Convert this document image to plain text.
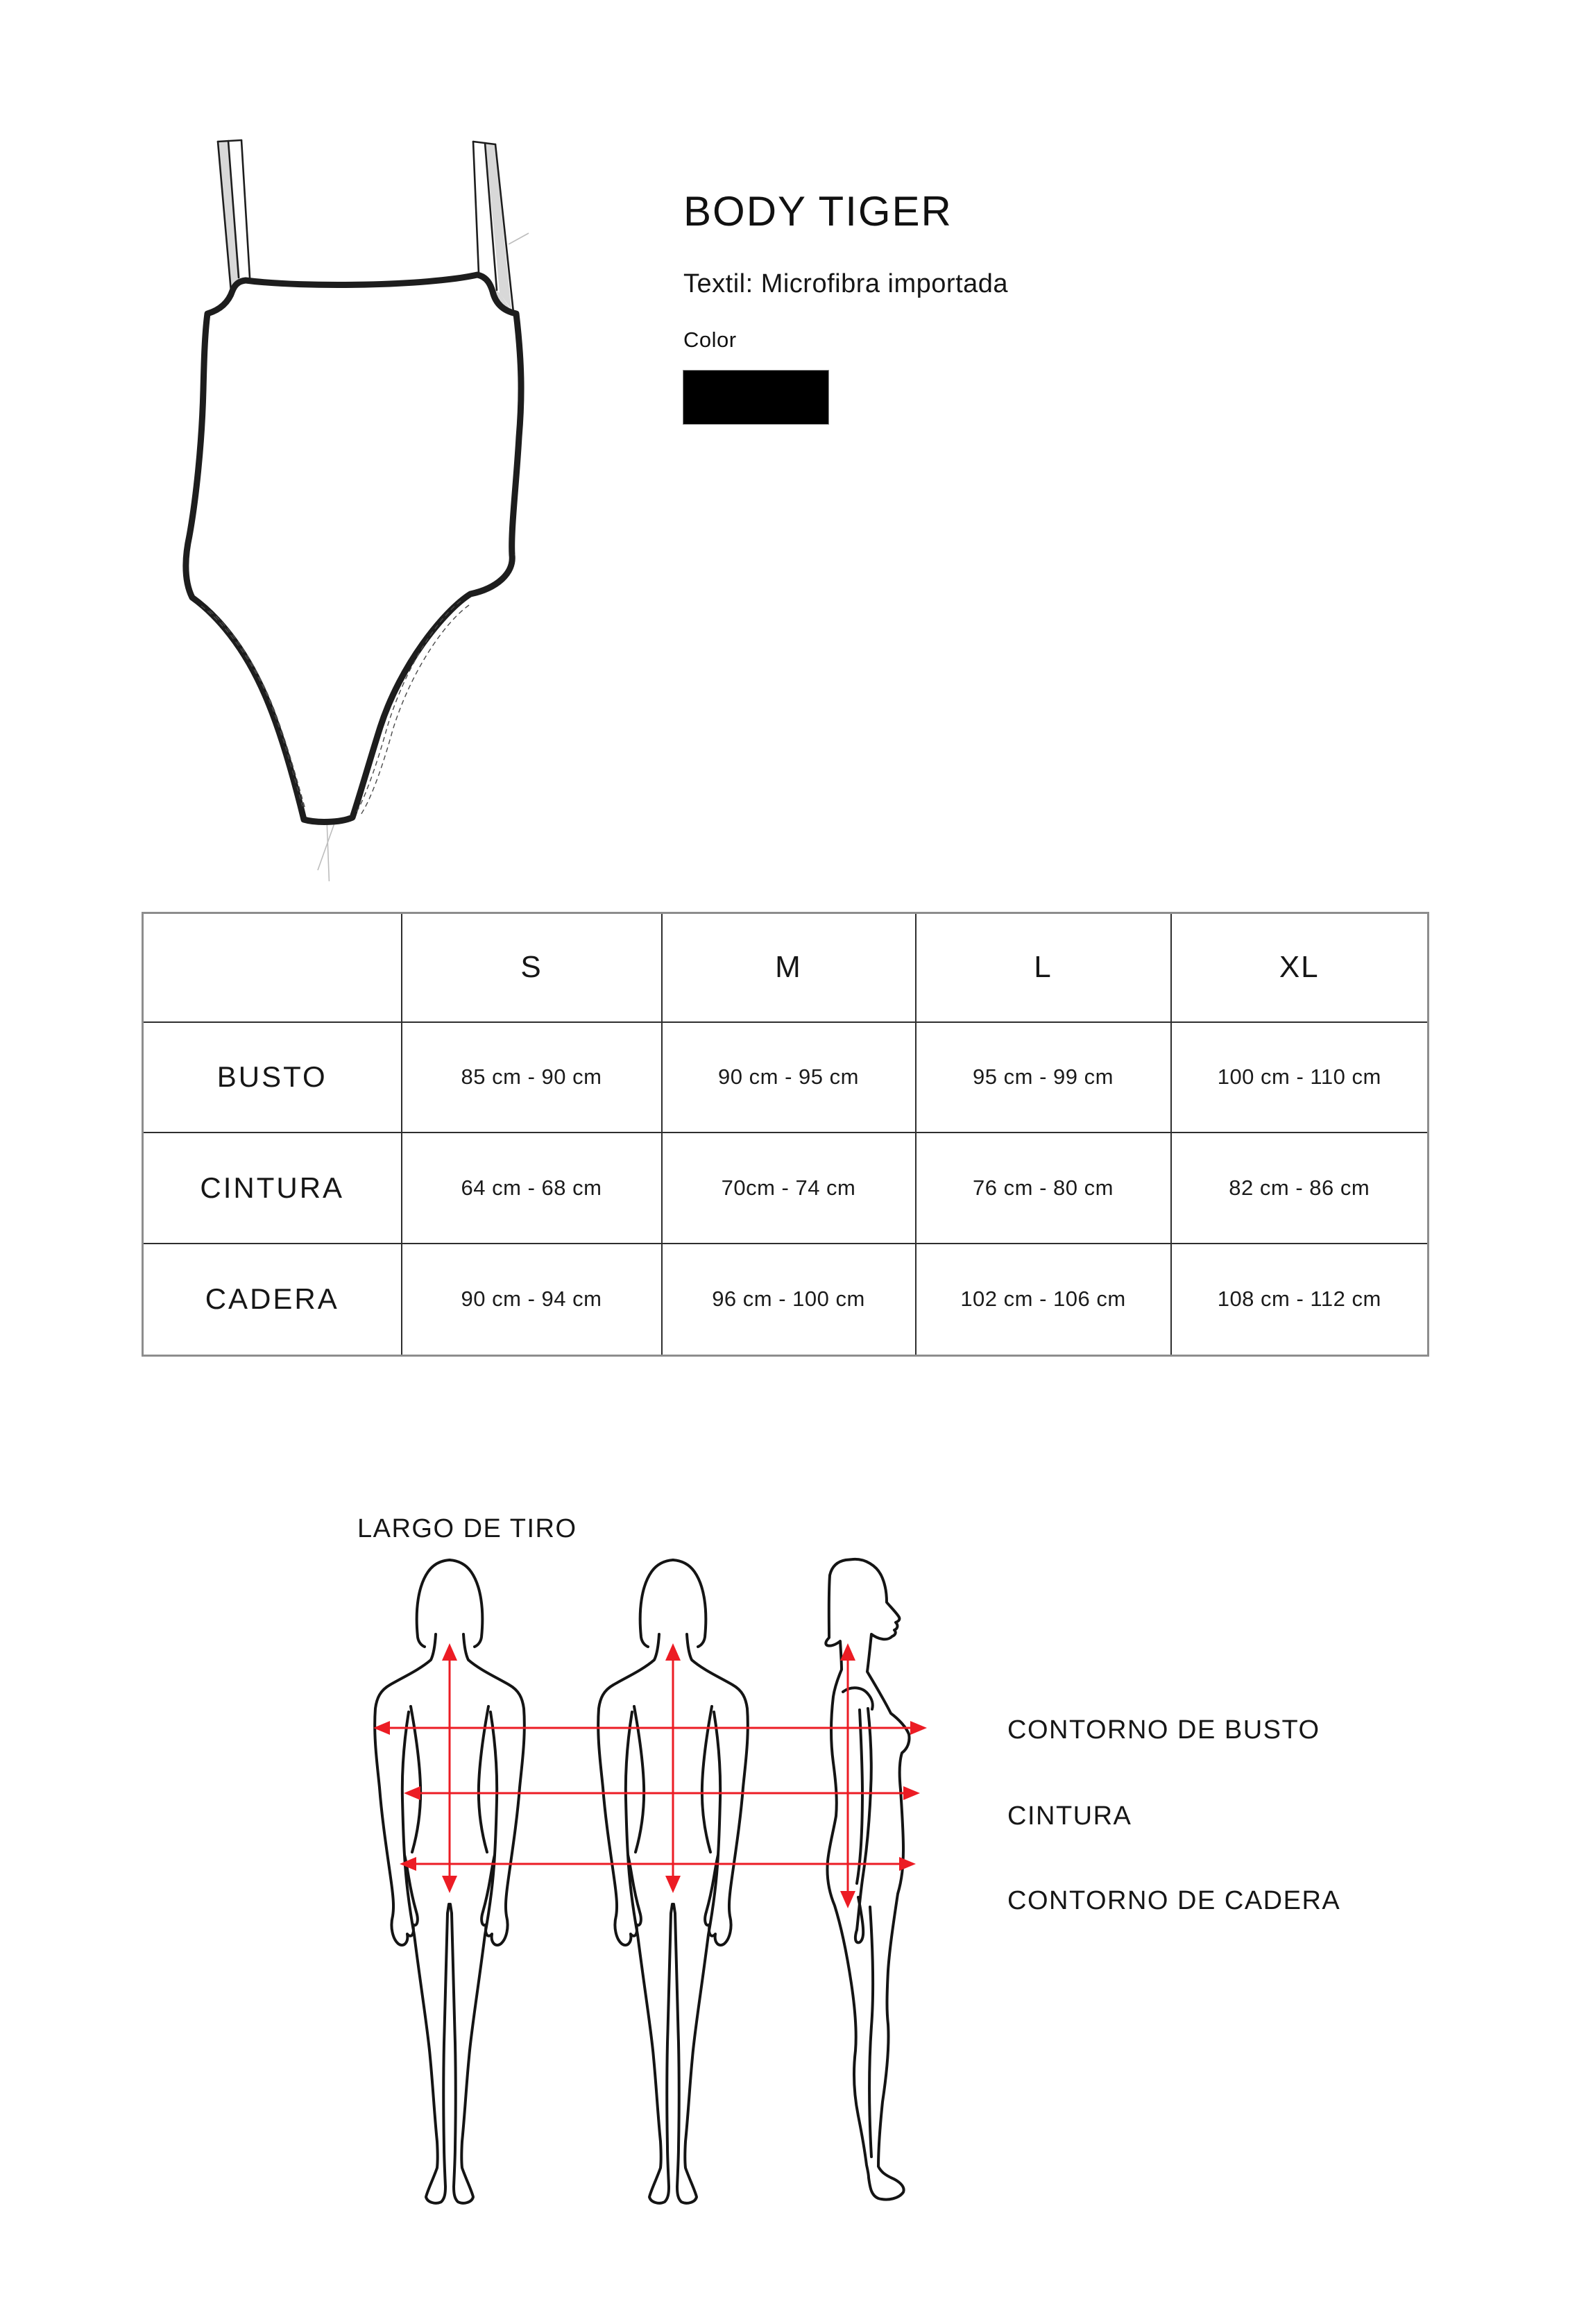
BODY TIGER
Textil: Microfibra importada
Color
	S	M	L	XL
BUSTO	85 cm - 90 cm	90 cm - 95 cm	95 cm - 99 cm	100 cm - 110 cm
CINTURA	64 cm - 68 cm	70cm - 74 cm	76 cm - 80 cm	82 cm - 86 cm
CADERA	90 cm - 94 cm	96 cm - 100 cm	102 cm - 106 cm	108 cm - 112 cm
LARGO DE TIRO
CONTORNO DE BUSTO
CINTURA
CONTORNO DE CADERA
